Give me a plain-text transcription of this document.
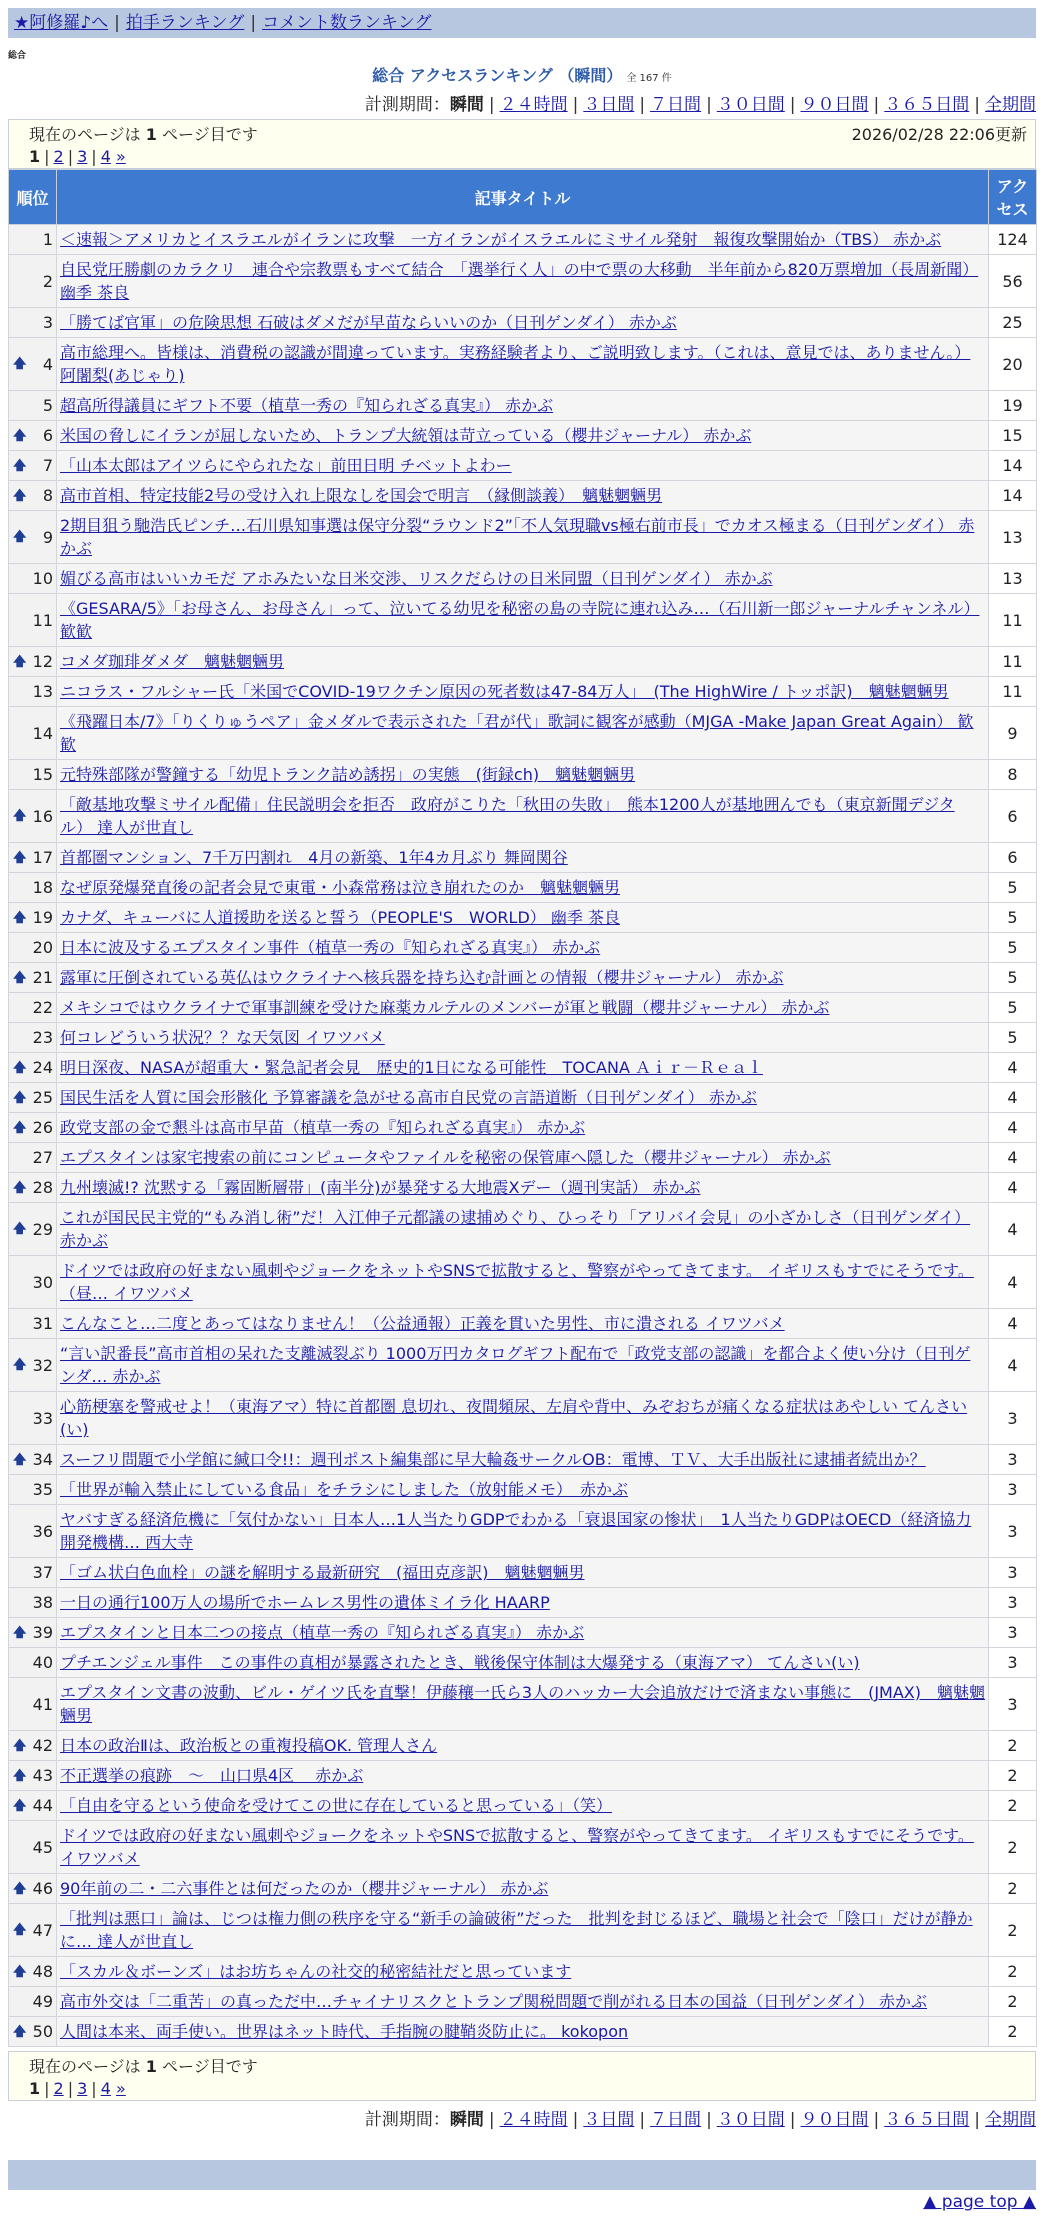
★阿修羅♪へ | 拍手ランキング | コメント数ランキング
総合
総合 アクセスランキング （瞬間） 全 167 件
計測期間：瞬間 | ２４時間 | ３日間 | ７日間 | ３０日間 | ９０日間 | ３６５日間 | 全期間
現在のページは 1 ページ目です	2026/02/28 22:06更新
1 | 2 | 3 | 4 »
順位	記事タイトル	アクセス
1	＜速報＞アメリカとイスラエルがイランに攻撃　一方イランがイスラエルにミサイル発射　報復攻撃開始か（TBS） 赤かぶ	124
2	自民党圧勝劇のカラクリ　連合や宗教票もすべて結合　「選挙行く人」の中で票の大移動　半年前から820万票増加（長周新聞） 幽季 茶良	56
3	「勝てば官軍」の危険思想 石破はダメだが早苗ならいいのか（日刊ゲンダイ） 赤かぶ	25

🡅 4	高市総理へ。皆様は、消費税の認識が間違っています。実務経験者より、ご説明致します。（これは、意見では、ありません。） 阿闍梨(あじゃり)	20
5	超高所得議員にギフト不要（植草一秀の『知られざる真実』） 赤かぶ	19

🡅 6	米国の脅しにイランが屈しないため、トランプ大統領は苛立っている（櫻井ジャーナル） 赤かぶ	15

🡅 7	「山本太郎はアイツらにやられたな」前田日明 チベットよわー	14

🡅 8	高市首相、特定技能2号の受け入れ上限なしを国会で明言　（縁側談義）　魑魅魍魎男	14

🡅 9	2期目狙う馳浩氏ピンチ…石川県知事選は保守分裂“ラウンド2”「不人気現職vs極右前市長」でカオス極まる（日刊ゲンダイ） 赤かぶ	13
10	媚びる高市はいいカモだ アホみたいな日米交渉、リスクだらけの日米同盟（日刊ゲンダイ） 赤かぶ	13
11	《GESARA/5》「お母さん、お母さん」って、泣いてる幼児を秘密の島の寺院に連れ込み…（石川新一郎ジャーナルチャンネル） 歓歓	11

🡅 12	コメダ珈琲ダメダ　魑魅魍魎男	11
13	ニコラス・フルシャー氏「米国でCOVID-19ワクチン原因の死者数は47-84万人」　(The HighWire / トッポ訳)　魑魅魍魎男	11
14	《飛躍日本/7》「りくりゅうペア」金メダルで表示された「君が代」歌詞に観客が感動（MJGA -Make Japan Great Again） 歓歓	9
15	元特殊部隊が警鐘する「幼児トランク詰め誘拐」の実態　(街録ch)　魑魅魍魎男	8

🡅 16	「敵基地攻撃ミサイル配備」住民説明会を拒否　政府がこりた「秋田の失敗」　熊本1200人が基地囲んでも（東京新聞デジタル） 達人が世直し	6

🡅 17	首都圏マンション、7千万円割れ　4月の新築、1年4カ月ぶり 舞岡関谷	6
18	なぜ原発爆発直後の記者会見で東電・小森常務は泣き崩れたのか　魑魅魍魎男	5

🡅 19	カナダ、キューバに人道援助を送ると誓う（PEOPLE'S　WORLD） 幽季 茶良	5
20	日本に波及するエプスタイン事件（植草一秀の『知られざる真実』） 赤かぶ	5

🡅 21	露軍に圧倒されている英仏はウクライナへ核兵器を持ち込む計画との情報（櫻井ジャーナル） 赤かぶ	5
22	メキシコではウクライナで軍事訓練を受けた麻薬カルテルのメンバーが軍と戦闘（櫻井ジャーナル） 赤かぶ	5
23	何コレどういう状況？？な天気図 イワツバメ	5

🡅 24	明日深夜、NASAが超重大・緊急記者会見　歴史的1日になる可能性　TOCANA Ａｉｒ－Ｒｅａｌ	4

🡅 25	国民生活を人質に国会形骸化 予算審議を急がせる高市自民党の言語道断（日刊ゲンダイ） 赤かぶ	4

🡅 26	政党支部の金で懇斗は高市早苗（植草一秀の『知られざる真実』） 赤かぶ	4
27	エプスタインは家宅捜索の前にコンピュータやファイルを秘密の保管庫へ隠した（櫻井ジャーナル） 赤かぶ	4

🡅 28	九州壊滅!? 沈黙する「霧固断層帯」(南半分)が暴発する大地震Xデー（週刊実話） 赤かぶ	4

🡅 29	これが国民民主党的“もみ消し術”だ！入江伸子元都議の逮捕めぐり、ひっそり「アリバイ会見」の小ざかしさ（日刊ゲンダイ） 赤かぶ	4
30	ドイツでは政府の好まない風刺やジョークをネットやSNSで拡散すると、警察がやってきてます。 イギリスもすでにそうです。（昼… イワツバメ	4
31	こんなこと…二度とあってはなりません！（公益通報）正義を貫いた男性、市に潰される イワツバメ	4

🡅 32	“言い訳番長”高市首相の呆れた支離滅裂ぶり 1000万円カタログギフト配布で「政党支部の認識」を都合よく使い分け（日刊ゲンダ… 赤かぶ	4
33	心筋梗塞を警戒せよ！（東海アマ）特に首都圏 息切れ、夜間頻尿、左肩や背中、みぞおちが痛くなる症状はあやしい てんさい(い)	3

🡅 34	スーフリ問題で小学館に緘口令!!：週刊ポスト編集部に早大輪姦サークルOB：電博、ＴＶ、大手出版社に逮捕者続出か？	3
35	「世界が輸入禁止にしている食品」をチラシにしました（放射能メモ）　赤かぶ	3
36	ヤバすぎる経済危機に「気付かない」日本人…1人当たりGDPでわかる「衰退国家の惨状」　1人当たりGDPはOECD（経済協力開発機構… 西大寺	3
37	「ゴム状白色血栓」の謎を解明する最新研究　(福田克彦訳)　魑魅魍魎男	3
38	一日の通行100万人の場所でホームレス男性の遺体ミイラ化 HAARP	3

🡅 39	エプスタインと日本二つの接点（植草一秀の『知られざる真実』） 赤かぶ	3
40	プチエンジェル事件　この事件の真相が暴露されたとき、戦後保守体制は大爆発する（東海アマ） てんさい(い)	3
41	エプスタイン文書の波動、ビル・ゲイツ氏を直撃！伊藤穰一氏ら3人のハッカー大会追放だけで済まない事態に　(JMAX)　魑魅魍魎男	3

🡅 42	日本の政治Ⅱは、政治板との重複投稿OK. 管理人さん	2

🡅 43	不正選挙の痕跡　～　山口県4区　 赤かぶ	2

🡅 44	「自由を守るという使命を受けてこの世に存在していると思っている」（笑）	2
45	ドイツでは政府の好まない風刺やジョークをネットやSNSで拡散すると、警察がやってきてます。 イギリスもすでにそうです。 イワツバメ	2

🡅 46	90年前の二・二六事件とは何だったのか（櫻井ジャーナル） 赤かぶ	2

🡅 47	「批判は悪口」論は、じつは権力側の秩序を守る“新手の論破術”だった　批判を封じるほど、職場と社会で「陰口」だけが静かに… 達人が世直し	2

🡅 48	「スカル＆ボーンズ」はお坊ちゃんの社交的秘密結社だと思っています	2
49	高市外交は「二重苦」の真っただ中…チャイナリスクとトランプ関税問題で削がれる日本の国益（日刊ゲンダイ） 赤かぶ	2

🡅 50	人間は本来、両手使い。世界はネット時代、手指腕の腱鞘炎防止に。 kokopon	2
現在のページは 1 ページ目です
1 | 2 | 3 | 4 »
計測期間：瞬間 | ２４時間 | ３日間 | ７日間 | ３０日間 | ９０日間 | ３６５日間 | 全期間
▲ page top ▲
